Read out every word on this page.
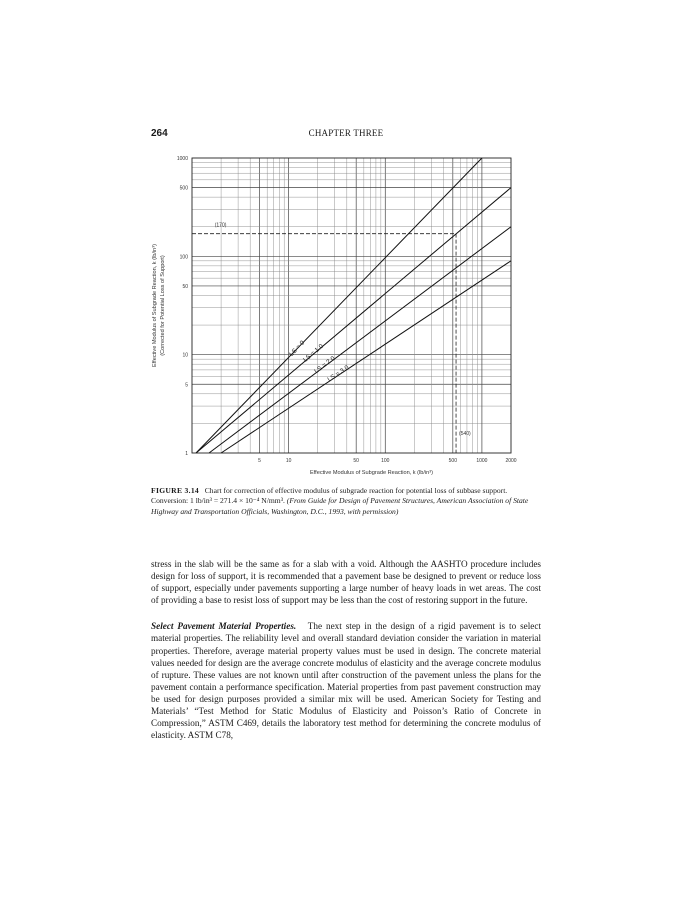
264	CHAPTER THREE
LS = 0
LS = 1.0
LS = 2.0
LS = 3.0
(170)
(540)
5	10	50	100	500	1000	2000
1
5
10
50
100
500
1000
Effective Modulus of Subgrade Reaction, k (lb/in³) (Corrected for Potential Loss of Support)
Effective Modulus of Subgrade Reaction, k (lb/in³)
FIGURE 3.14 Chart for correction of effective modulus of subgrade reaction for potential loss of subbase support. Conversion: 1 lb/in³ = 271.4 × 10⁻⁴ N/mm³. (From Guide for Design of Pavement Structures, American Association of State Highway and Transportation Officials, Washington, D.C., 1993, with permission)

stress in the slab will be the same as for a slab with a void. Although the AASHTO procedure includes design for loss of support, it is recommended that a pavement base be designed to prevent or reduce loss of support, especially under pavements supporting a large number of heavy loads in wet areas. The cost of providing a base to resist loss of support may be less than the cost of restoring support in the future.

Select Pavement Material Properties. The next step in the design of a rigid pavement is to select material properties. The reliability level and overall standard deviation consider the variation in material properties. Therefore, average material property values must be used in design. The concrete material values needed for design are the average concrete modulus of elasticity and the average concrete modulus of rupture. These values are not known until after construction of the pavement unless the plans for the pavement contain a performance specification. Material properties from past pavement construction may be used for design purposes provided a similar mix will be used. American Society for Testing and Materials’ “Test Method for Static Modulus of Elasticity and Poisson’s Ratio of Concrete in Compression,” ASTM C469, details the laboratory test method for determining the concrete modulus of elasticity. ASTM C78,
